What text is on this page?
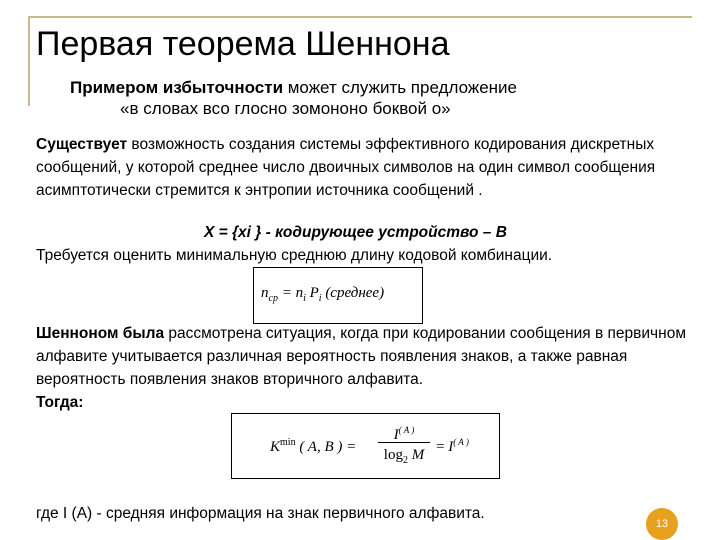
Первая теорема Шеннона
Примером избыточности может служить предложение
«в словах всо глосно зомононо боквой о»
Существует возможность создания системы эффективного кодирования дискретных сообщений, у которой среднее число двоичных символов на один символ сообщения асимптотически стремится к энтропии источника сообщений .
X = {xi } - кодирующее устройство – B
Требуется оценить минимальную среднюю длину кодовой комбинации.
$n_{ср} = n_i$ $P_i$ (среднее)
Шенноном была рассмотрена ситуация, когда при кодировании сообщения в первичном алфавите учитывается различная вероятность появления знаков, а также равная вероятность появления знаков вторичного алфавита.
Тогда:
$K^{min}$ ( A, B ) =
$I^{( A )}$
$\log_2 M = I^{( A )}$
где I (A) - средняя информация на знак первичного алфавита.
13
